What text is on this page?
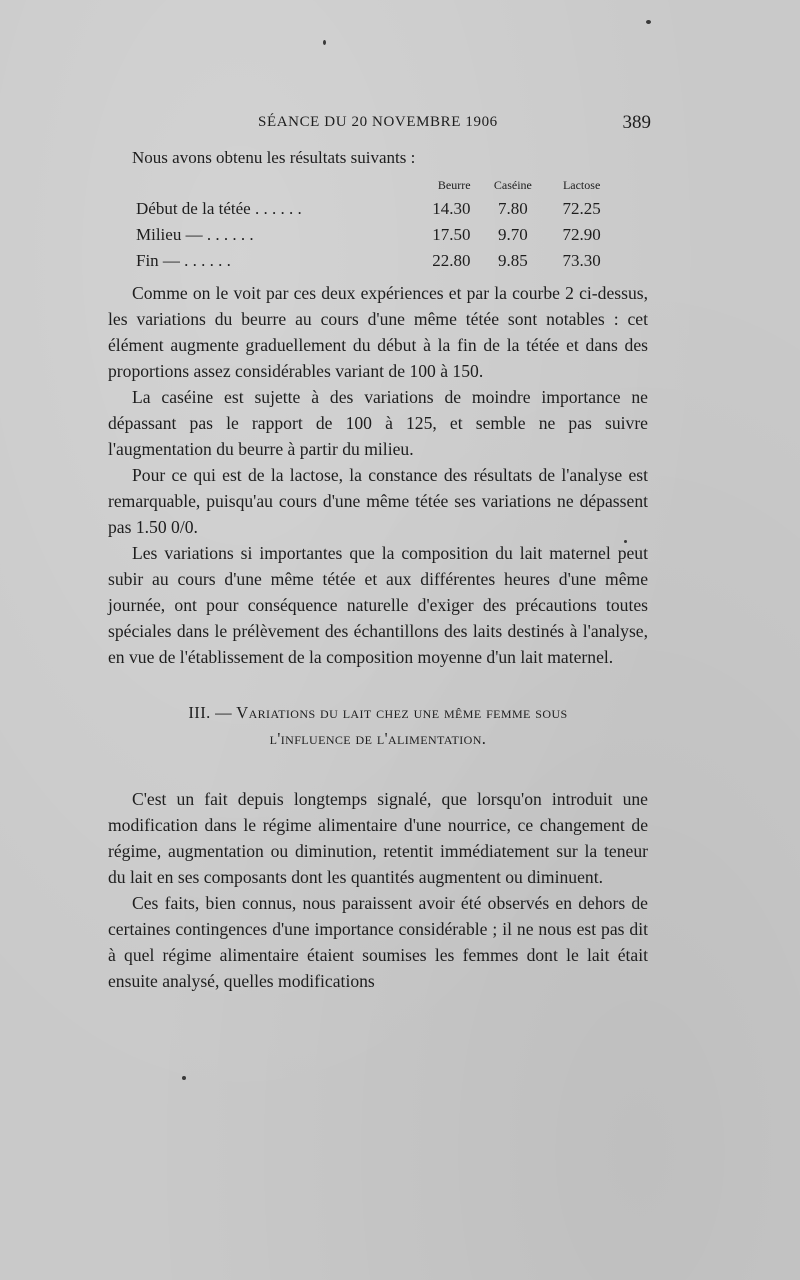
SÉANCE DU 20 NOVEMBRE 1906	389
Nous avons obtenu les résultats suivants :
	Beurre	Caséine	Lactose
Début de la tétée . . . . . .	14.30	7.80	72.25
Milieu — . . . . . .	17.50	9.70	72.90
Fin — . . . . . .	22.80	9.85	73.30

Comme on le voit par ces deux expériences et par la courbe 2 ci-dessus, les variations du beurre au cours d'une même tétée sont notables : cet élément augmente graduellement du début à la fin de la tétée et dans des proportions assez considérables variant de 100 à 150.

La caséine est sujette à des variations de moindre importance ne dépassant pas le rapport de 100 à 125, et semble ne pas suivre l'augmentation du beurre à partir du milieu.

Pour ce qui est de la lactose, la constance des résultats de l'analyse est remarquable, puisqu'au cours d'une même tétée ses variations ne dépassent pas 1.50 0/0.

Les variations si importantes que la composition du lait maternel peut subir au cours d'une même tétée et aux différentes heures d'une même journée, ont pour conséquence naturelle d'exiger des précautions toutes spéciales dans le prélèvement des échantillons des laits destinés à l'analyse, en vue de l'établissement de la composition moyenne d'un lait maternel.

III. — Variations du lait chez une même femme sous
l'influence de l'alimentation.

C'est un fait depuis longtemps signalé, que lorsqu'on introduit une modification dans le régime alimentaire d'une nourrice, ce changement de régime, augmentation ou diminution, retentit immédiatement sur la teneur du lait en ses composants dont les quantités augmentent ou diminuent.

Ces faits, bien connus, nous paraissent avoir été observés en dehors de certaines contingences d'une importance considérable ; il ne nous est pas dit à quel régime alimentaire étaient soumises les femmes dont le lait était ensuite analysé, quelles modifications
